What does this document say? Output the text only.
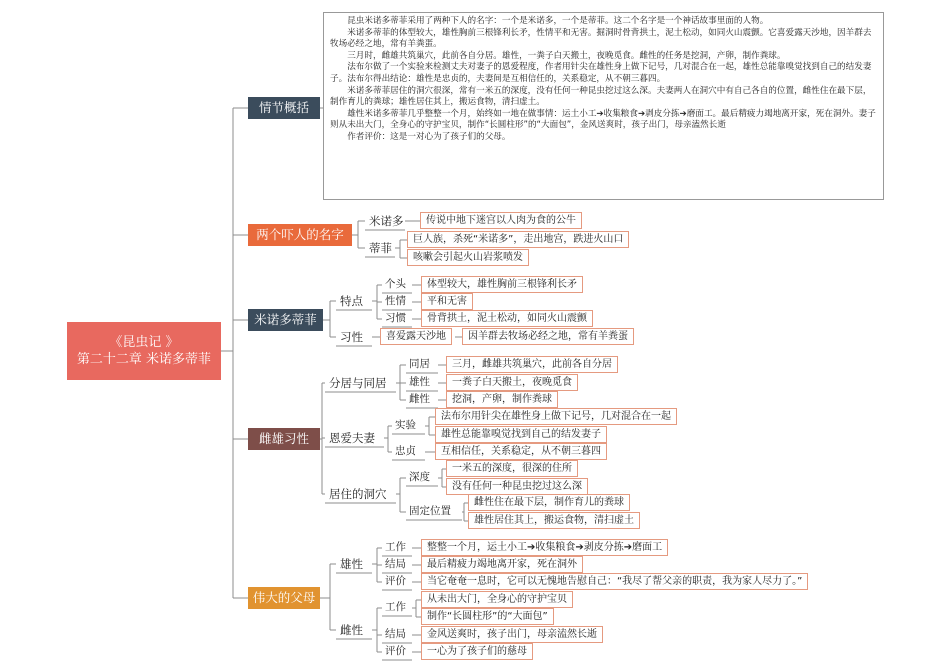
《昆虫记 》
第二十二章 米诺多蒂菲
情节概括

昆虫米诺多蒂菲采用了两种下人的名字：一个是米诺多，一个是蒂菲。这二个名字是一个神话故事里面的人物。

米诺多蒂菲的体型较大，雄性胸前三根锋利长矛，性情平和无害。掘洞时骨背拱土，泥土松动，如同火山震颤。它喜爱露天沙地，因羊群去牧场必经之地，常有羊粪蛋。

三月时，雌雄共筑巢穴，此前各自分居。雄性，一粪子白天搬土，夜晚觅食。雌性的任务是挖洞，产卵，制作粪球。

法布尔做了一个实验来检测丈夫对妻子的恩爱程度，作者用针尖在雄性身上做下记号，几对混合在一起，雄性总能靠嗅觉找到自己的结发妻子。法布尔得出结论：雄性是忠贞的，夫妻间是互相信任的，关系稳定，从不朝三暮四。

米诺多蒂菲居住的洞穴很深，常有一米五的深度，没有任何一种昆虫挖过这么深。夫妻两人在洞穴中有自己各自的位置，雌性住在最下层，制作育儿的粪球；雄性居住其上，搬运食物，清扫虚土。

雄性米诺多蒂菲几乎整整一个月，始终如一地在做事情：运土小工➔收集粮食➔剥皮分拣➔磨面工。最后精疲力竭地离开家，死在洞外。妻子则从未出大门，全身心的守护宝贝，制作“长圆柱形”的“大面包”，金风送爽时，孩子出门，母亲溘然长逝

作者评价：这是一对心为了孩子们的父母。

两个吓人的名字
米诺多	传说中地下迷宫以人肉为食的公牛
蒂菲
巨人族，杀死“米诺多”，走出地宫，跌进火山口
咳嗽会引起火山岩浆喷发
米诺多蒂菲
特点
个头	体型较大，雄性胸前三根锋利长矛
性情	平和无害
习惯	骨背拱土，泥土松动，如同火山震颤
习性	喜爱露天沙地	因羊群去牧场必经之地，常有羊粪蛋
雌雄习性
分居与同居
同居	三月，雌雄共筑巢穴，此前各自分居
雄性	一粪子白天搬土，夜晚觅食
雌性	挖洞，产卵，制作粪球
恩爱夫妻
实验
法布尔用针尖在雄性身上做下记号，几对混合在一起
雄性总能靠嗅觉找到自己的结发妻子
忠贞	互相信任，关系稳定，从不朝三暮四
居住的洞穴
深度
一米五的深度，很深的住所
没有任何一种昆虫挖过这么深
固定位置
雌性住在最下层，制作育儿的粪球
雄性居住其上，搬运食物，清扫虚土
伟大的父母
雄性
工作	整整一个月，运土小工➔收集粮食➔剥皮分拣➔磨面工
结局	最后精疲力竭地离开家，死在洞外
评价	当它奄奄一息时，它可以无愧地告慰自己：“我尽了帮父亲的职责，我为家人尽力了。”
雌性
工作
从未出大门，全身心的守护宝贝
制作“长圆柱形”的“大面包”
结局	金风送爽时，孩子出门，母亲溘然长逝
评价	一心为了孩子们的慈母
